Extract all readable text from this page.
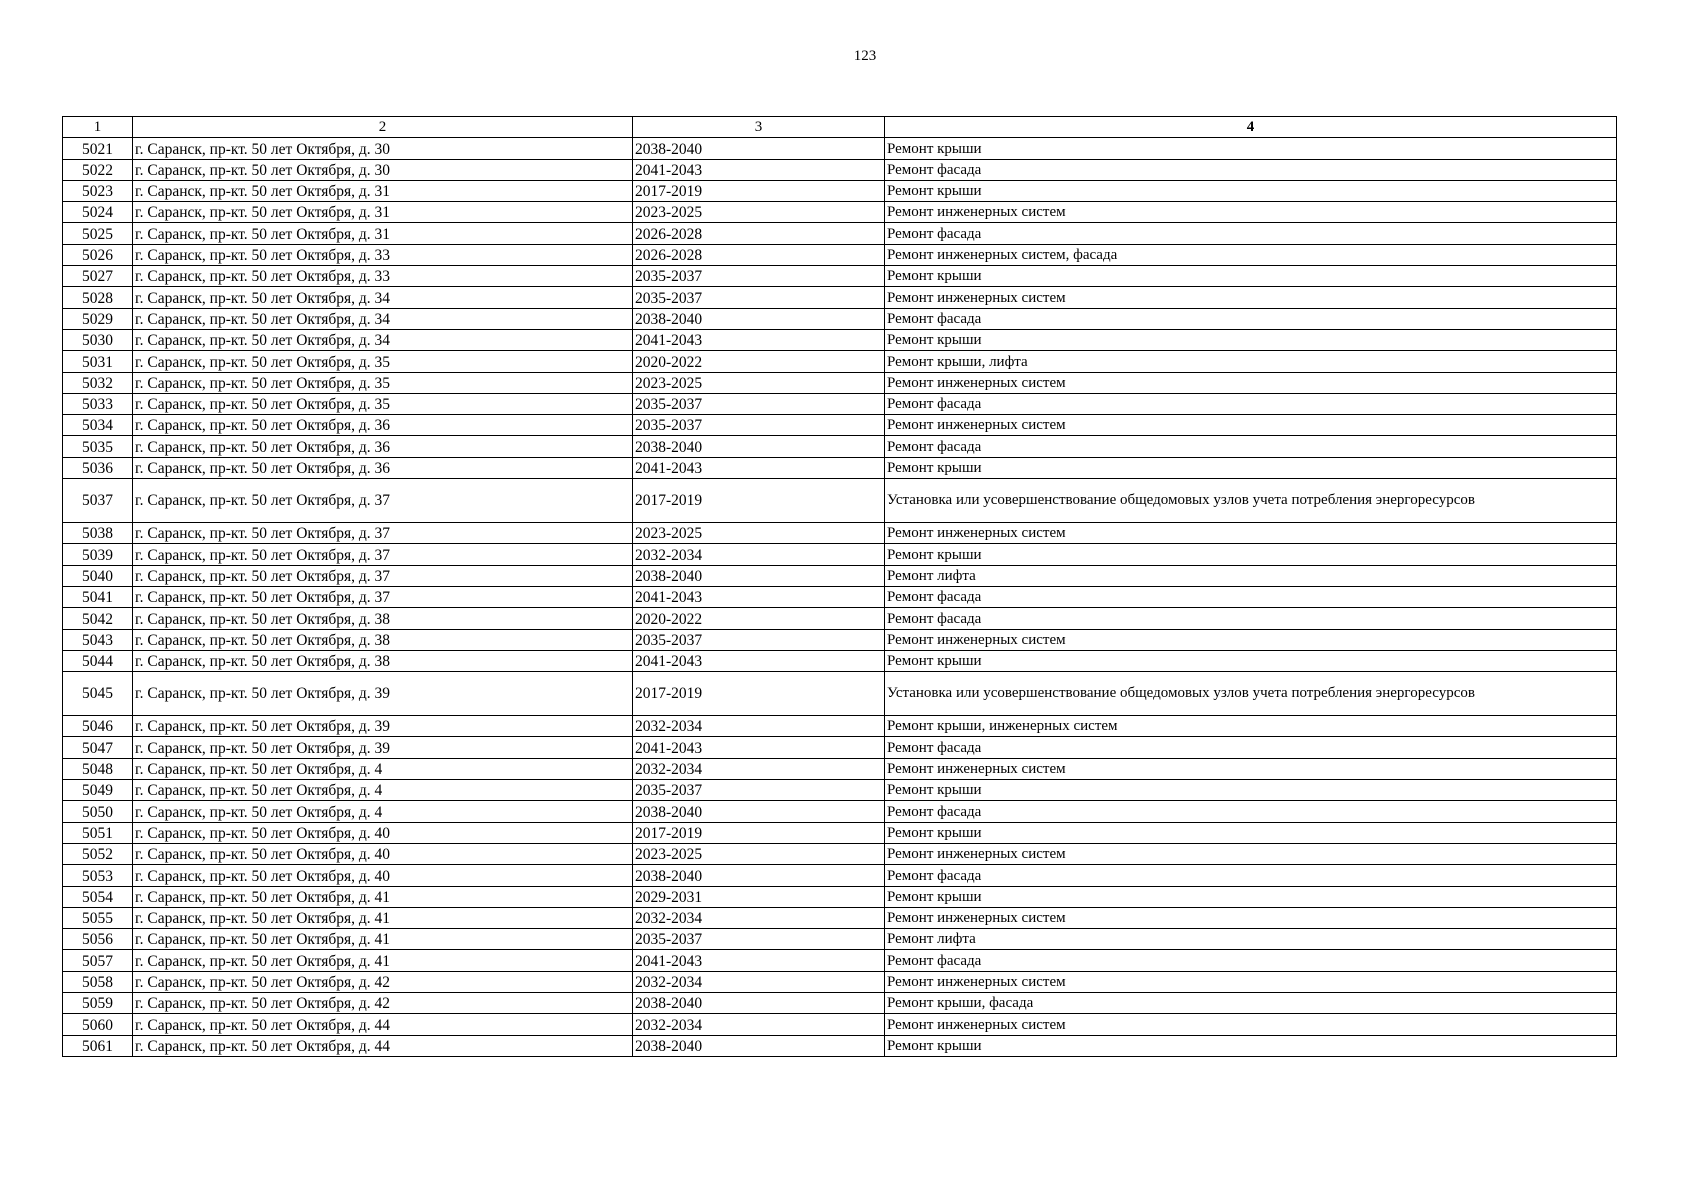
123
1	2	3	4
5021	г. Саранск, пр-кт. 50 лет Октября, д. 30	2038-2040	Ремонт крыши
5022	г. Саранск, пр-кт. 50 лет Октября, д. 30	2041-2043	Ремонт фасада
5023	г. Саранск, пр-кт. 50 лет Октября, д. 31	2017-2019	Ремонт крыши
5024	г. Саранск, пр-кт. 50 лет Октября, д. 31	2023-2025	Ремонт инженерных систем
5025	г. Саранск, пр-кт. 50 лет Октября, д. 31	2026-2028	Ремонт фасада
5026	г. Саранск, пр-кт. 50 лет Октября, д. 33	2026-2028	Ремонт инженерных систем, фасада
5027	г. Саранск, пр-кт. 50 лет Октября, д. 33	2035-2037	Ремонт крыши
5028	г. Саранск, пр-кт. 50 лет Октября, д. 34	2035-2037	Ремонт инженерных систем
5029	г. Саранск, пр-кт. 50 лет Октября, д. 34	2038-2040	Ремонт фасада
5030	г. Саранск, пр-кт. 50 лет Октября, д. 34	2041-2043	Ремонт крыши
5031	г. Саранск, пр-кт. 50 лет Октября, д. 35	2020-2022	Ремонт крыши, лифта
5032	г. Саранск, пр-кт. 50 лет Октября, д. 35	2023-2025	Ремонт инженерных систем
5033	г. Саранск, пр-кт. 50 лет Октября, д. 35	2035-2037	Ремонт фасада
5034	г. Саранск, пр-кт. 50 лет Октября, д. 36	2035-2037	Ремонт инженерных систем
5035	г. Саранск, пр-кт. 50 лет Октября, д. 36	2038-2040	Ремонт фасада
5036	г. Саранск, пр-кт. 50 лет Октября, д. 36	2041-2043	Ремонт крыши
5037	г. Саранск, пр-кт. 50 лет Октября, д. 37	2017-2019	Установка или усовершенствование общедомовых узлов учета потребления энергоресурсов
5038	г. Саранск, пр-кт. 50 лет Октября, д. 37	2023-2025	Ремонт инженерных систем
5039	г. Саранск, пр-кт. 50 лет Октября, д. 37	2032-2034	Ремонт крыши
5040	г. Саранск, пр-кт. 50 лет Октября, д. 37	2038-2040	Ремонт лифта
5041	г. Саранск, пр-кт. 50 лет Октября, д. 37	2041-2043	Ремонт фасада
5042	г. Саранск, пр-кт. 50 лет Октября, д. 38	2020-2022	Ремонт фасада
5043	г. Саранск, пр-кт. 50 лет Октября, д. 38	2035-2037	Ремонт инженерных систем
5044	г. Саранск, пр-кт. 50 лет Октября, д. 38	2041-2043	Ремонт крыши
5045	г. Саранск, пр-кт. 50 лет Октября, д. 39	2017-2019	Установка или усовершенствование общедомовых узлов учета потребления энергоресурсов
5046	г. Саранск, пр-кт. 50 лет Октября, д. 39	2032-2034	Ремонт крыши, инженерных систем
5047	г. Саранск, пр-кт. 50 лет Октября, д. 39	2041-2043	Ремонт фасада
5048	г. Саранск, пр-кт. 50 лет Октября, д. 4	2032-2034	Ремонт инженерных систем
5049	г. Саранск, пр-кт. 50 лет Октября, д. 4	2035-2037	Ремонт крыши
5050	г. Саранск, пр-кт. 50 лет Октября, д. 4	2038-2040	Ремонт фасада
5051	г. Саранск, пр-кт. 50 лет Октября, д. 40	2017-2019	Ремонт крыши
5052	г. Саранск, пр-кт. 50 лет Октября, д. 40	2023-2025	Ремонт инженерных систем
5053	г. Саранск, пр-кт. 50 лет Октября, д. 40	2038-2040	Ремонт фасада
5054	г. Саранск, пр-кт. 50 лет Октября, д. 41	2029-2031	Ремонт крыши
5055	г. Саранск, пр-кт. 50 лет Октября, д. 41	2032-2034	Ремонт инженерных систем
5056	г. Саранск, пр-кт. 50 лет Октября, д. 41	2035-2037	Ремонт лифта
5057	г. Саранск, пр-кт. 50 лет Октября, д. 41	2041-2043	Ремонт фасада
5058	г. Саранск, пр-кт. 50 лет Октября, д. 42	2032-2034	Ремонт инженерных систем
5059	г. Саранск, пр-кт. 50 лет Октября, д. 42	2038-2040	Ремонт крыши, фасада
5060	г. Саранск, пр-кт. 50 лет Октября, д. 44	2032-2034	Ремонт инженерных систем
5061	г. Саранск, пр-кт. 50 лет Октября, д. 44	2038-2040	Ремонт крыши
